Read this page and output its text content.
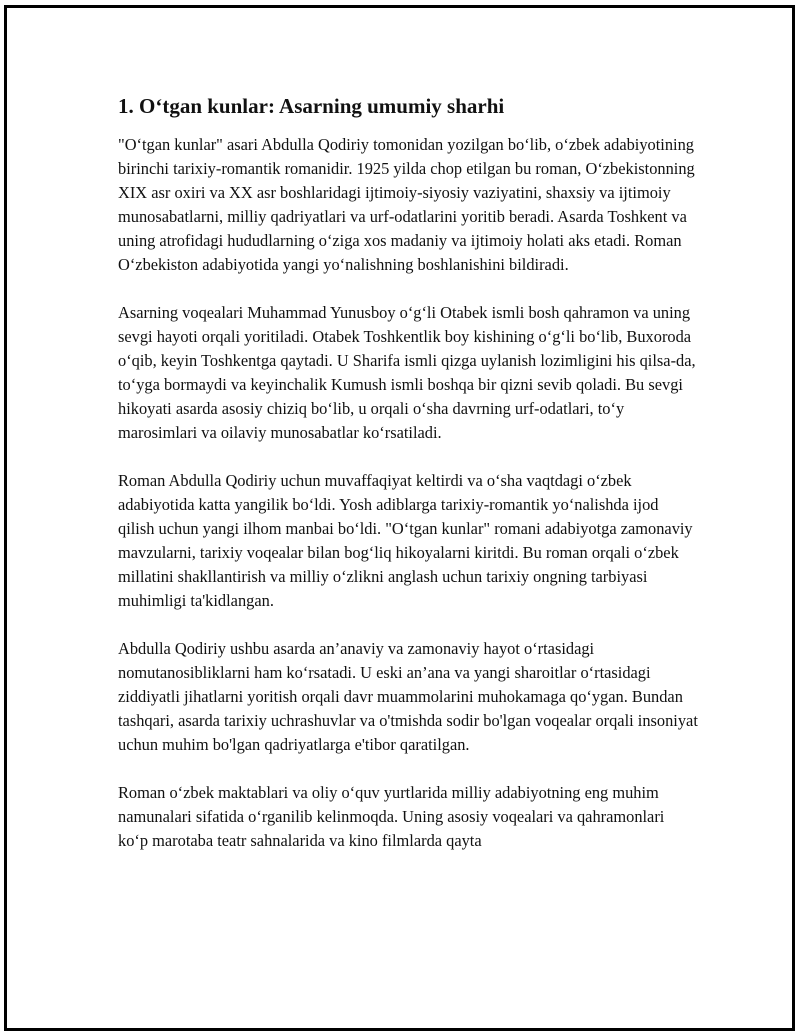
1. O‘tgan kunlar: Asarning umumiy sharhi

"O‘tgan kunlar" asari Abdulla Qodiriy tomonidan yozilgan bo‘lib, o‘zbek adabiyotining birinchi tarixiy-romantik romanidir. 1925 yilda chop etilgan bu roman, O‘zbekistonning XIX asr oxiri va XX asr boshlaridagi ijtimoiy-siyosiy vaziyatini, shaxsiy va ijtimoiy munosabatlarni, milliy qadriyatlari va urf-odatlarini yoritib beradi. Asarda Toshkent va uning atrofidagi hududlarning o‘ziga xos madaniy va ijtimoiy holati aks etadi. Roman O‘zbekiston adabiyotida yangi yo‘nalishning boshlanishini bildiradi.

Asarning voqealari Muhammad Yunusboy o‘g‘li Otabek ismli bosh qahramon va uning sevgi hayoti orqali yoritiladi. Otabek Toshkentlik boy kishining o‘g‘li bo‘lib, Buxoroda o‘qib, keyin Toshkentga qaytadi. U Sharifa ismli qizga uylanish lozimligini his qilsa-da, to‘yga bormaydi va keyinchalik Kumush ismli boshqa bir qizni sevib qoladi. Bu sevgi hikoyati asarda asosiy chiziq bo‘lib, u orqali o‘sha davrning urf-odatlari, to‘y marosimlari va oilaviy munosabatlar ko‘rsatiladi.

Roman Abdulla Qodiriy uchun muvaffaqiyat keltirdi va o‘sha vaqtdagi o‘zbek adabiyotida katta yangilik bo‘ldi. Yosh adiblarga tarixiy-romantik yo‘nalishda ijod qilish uchun yangi ilhom manbai bo‘ldi. "O‘tgan kunlar" romani adabiyotga zamonaviy mavzularni, tarixiy voqealar bilan bog‘liq hikoyalarni kiritdi. Bu roman orqali o‘zbek millatini shakllantirish va milliy o‘zlikni anglash uchun tarixiy ongning tarbiyasi muhimligi ta'kidlangan.

Abdulla Qodiriy ushbu asarda an’anaviy va zamonaviy hayot o‘rtasidagi nomutanosibliklarni ham ko‘rsatadi. U eski an’ana va yangi sharoitlar o‘rtasidagi ziddiyatli jihatlarni yoritish orqali davr muammolarini muhokamaga qo‘ygan. Bundan tashqari, asarda tarixiy uchrashuvlar va o'tmishda sodir bo'lgan voqealar orqali insoniyat uchun muhim bo'lgan qadriyatlarga e'tibor qaratilgan.

Roman o‘zbek maktablari va oliy o‘quv yurtlarida milliy adabiyotning eng muhim namunalari sifatida o‘rganilib kelinmoqda. Uning asosiy voqealari va qahramonlari ko‘p marotaba teatr sahnalarida va kino filmlarda qayta
